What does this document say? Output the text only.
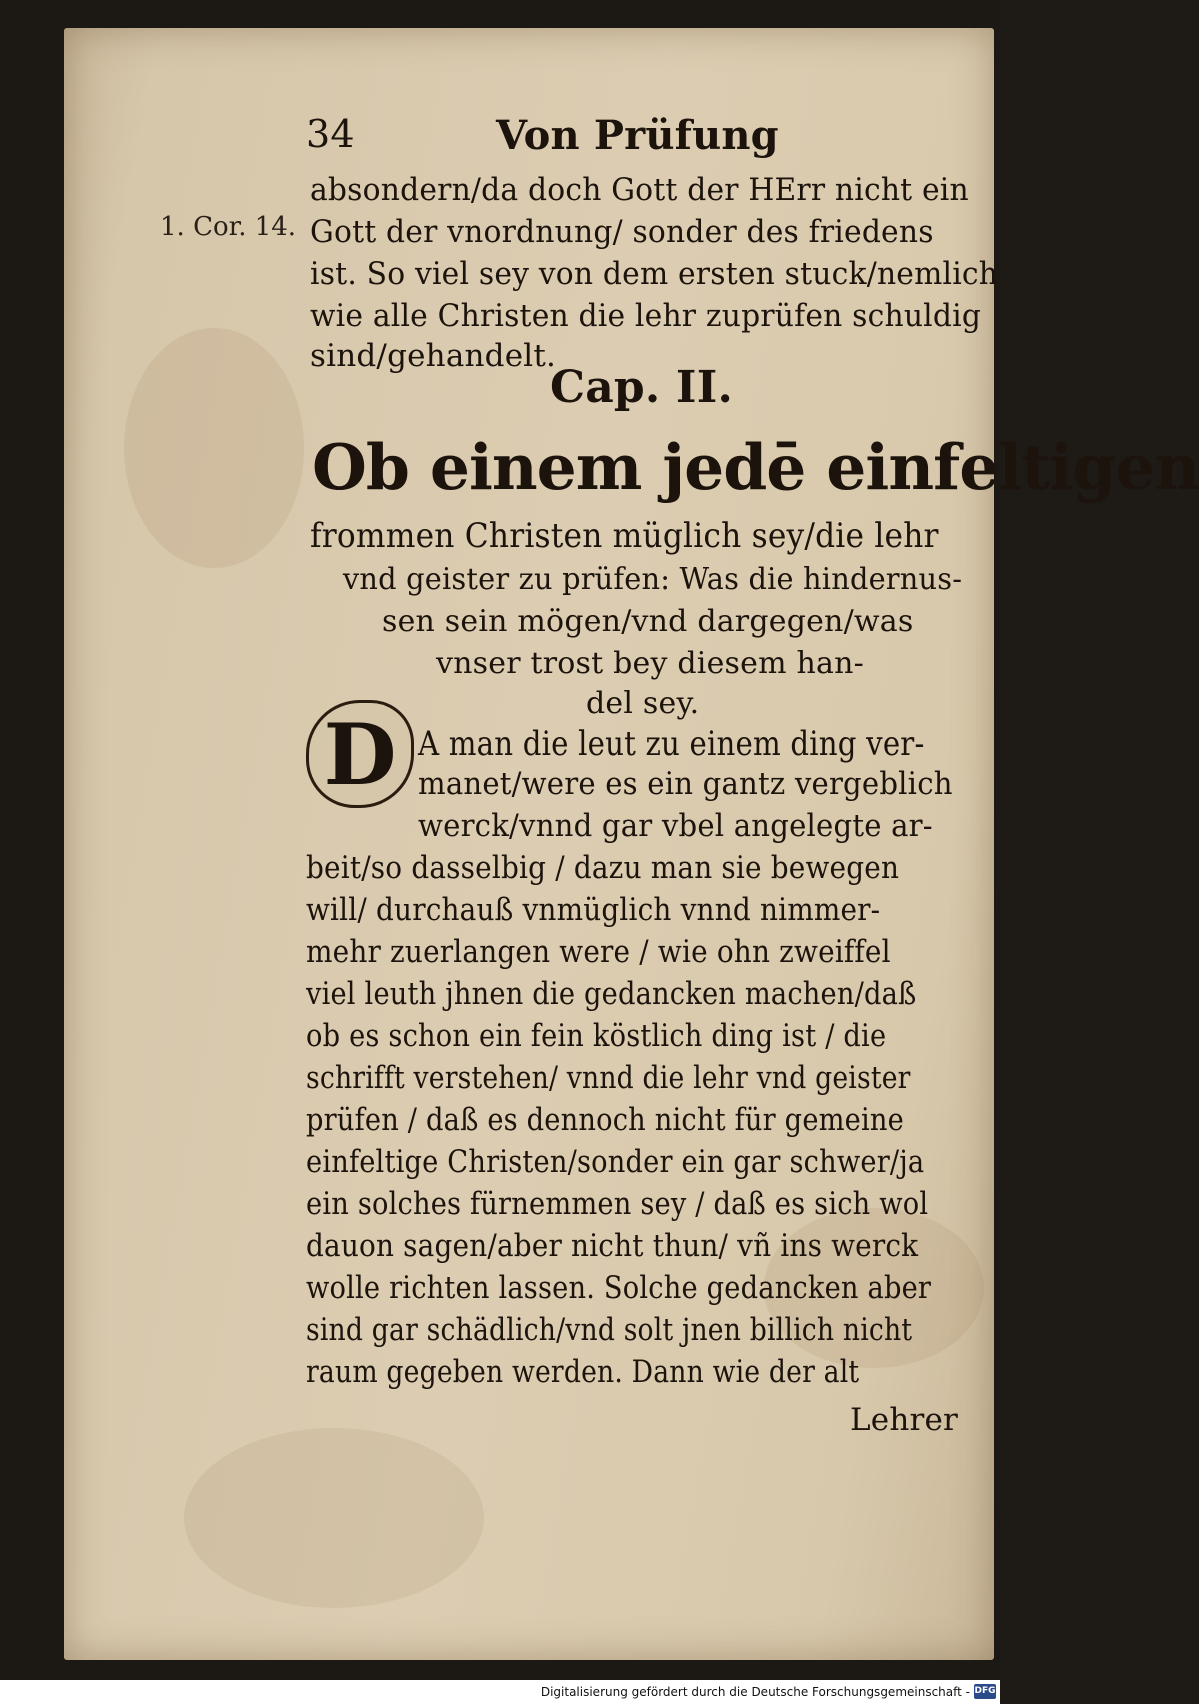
34	Von Prüfung
1. Cor. 14.
absondern/da doch Gott der HErr nicht ein
Gott der vnordnung/ sonder des friedens
ist. So viel sey von dem ersten stuck/nemlich
wie alle Christen die lehr zuprüfen schuldig
sind/gehandelt.
Cap. II.
Ob einem jedē einfeltigen
frommen Christen müglich sey/die lehr
vnd geister zu prüfen: Was die hindernus-
sen sein mögen/vnd dargegen/was
vnser trost bey diesem han-
del sey.
D A man die leut zu einem ding ver-
manet/were es ein gantz vergeblich
werck/vnnd gar vbel angelegte ar-
beit/so dasselbig / dazu man sie bewegen
will/ durchauß vnmüglich vnnd nimmer-
mehr zuerlangen were / wie ohn zweiffel
viel leuth jhnen die gedancken machen/daß
ob es schon ein fein köstlich ding ist / die
schrifft verstehen/ vnnd die lehr vnd geister
prüfen / daß es dennoch nicht für gemeine
einfeltige Christen/sonder ein gar schwer/ja
ein solches fürnemmen sey / daß es sich wol
dauon sagen/aber nicht thun/ vñ ins werck
wolle richten lassen. Solche gedancken aber
sind gar schädlich/vnd solt jnen billich nicht
raum gegeben werden. Dann wie der alt
Lehrer
Digitalisierung gefördert durch die Deutsche Forschungsgemeinschaft - DFG
